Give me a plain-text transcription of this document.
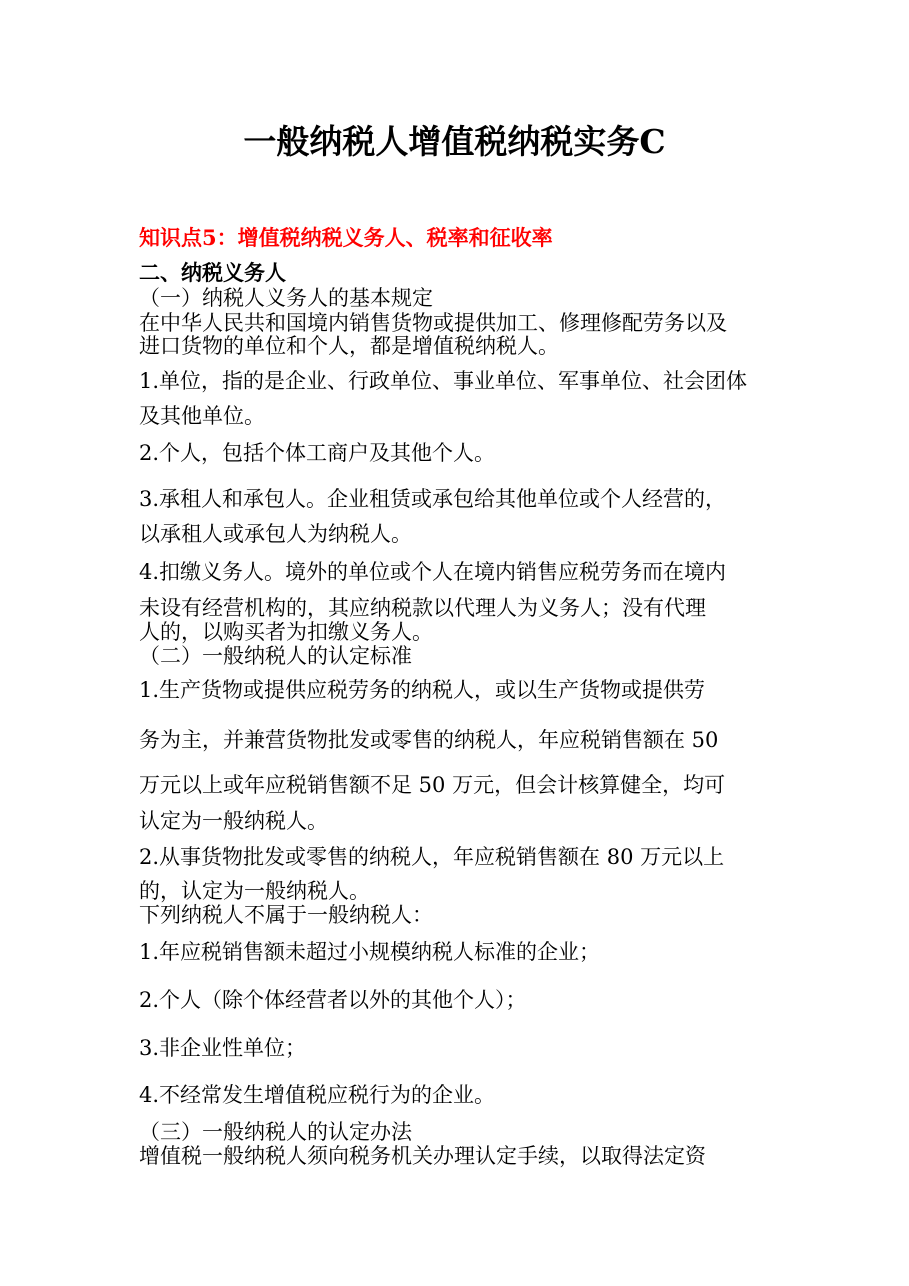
一般纳税人增值税纳税实务C
知识点5：增值税纳税义务人、税率和征收率
二、纳税义务人
（一）纳税人义务人的基本规定
在中华人民共和国境内销售货物或提供加工、修理修配劳务以及
进口货物的单位和个人，都是增值税纳税人。
1.单位，指的是企业、行政单位、事业单位、军事单位、社会团体
及其他单位。
2.个人，包括个体工商户及其他个人。
3.承租人和承包人。企业租赁或承包给其他单位或个人经营的，
以承租人或承包人为纳税人。
4.扣缴义务人。境外的单位或个人在境内销售应税劳务而在境内
未设有经营机构的，其应纳税款以代理人为义务人；没有代理
人的，以购买者为扣缴义务人。
（二）一般纳税人的认定标准
1.生产货物或提供应税劳务的纳税人，或以生产货物或提供劳
务为主，并兼营货物批发或零售的纳税人，年应税销售额在 50
万元以上或年应税销售额不足 50 万元，但会计核算健全，均可
认定为一般纳税人。
2.从事货物批发或零售的纳税人，年应税销售额在 80 万元以上
的，认定为一般纳税人。
下列纳税人不属于一般纳税人：
1.年应税销售额未超过小规模纳税人标准的企业；
2.个人（除个体经营者以外的其他个人）；
3.非企业性单位；
4.不经常发生增值税应税行为的企业。
（三）一般纳税人的认定办法
增值税一般纳税人须向税务机关办理认定手续，以取得法定资
